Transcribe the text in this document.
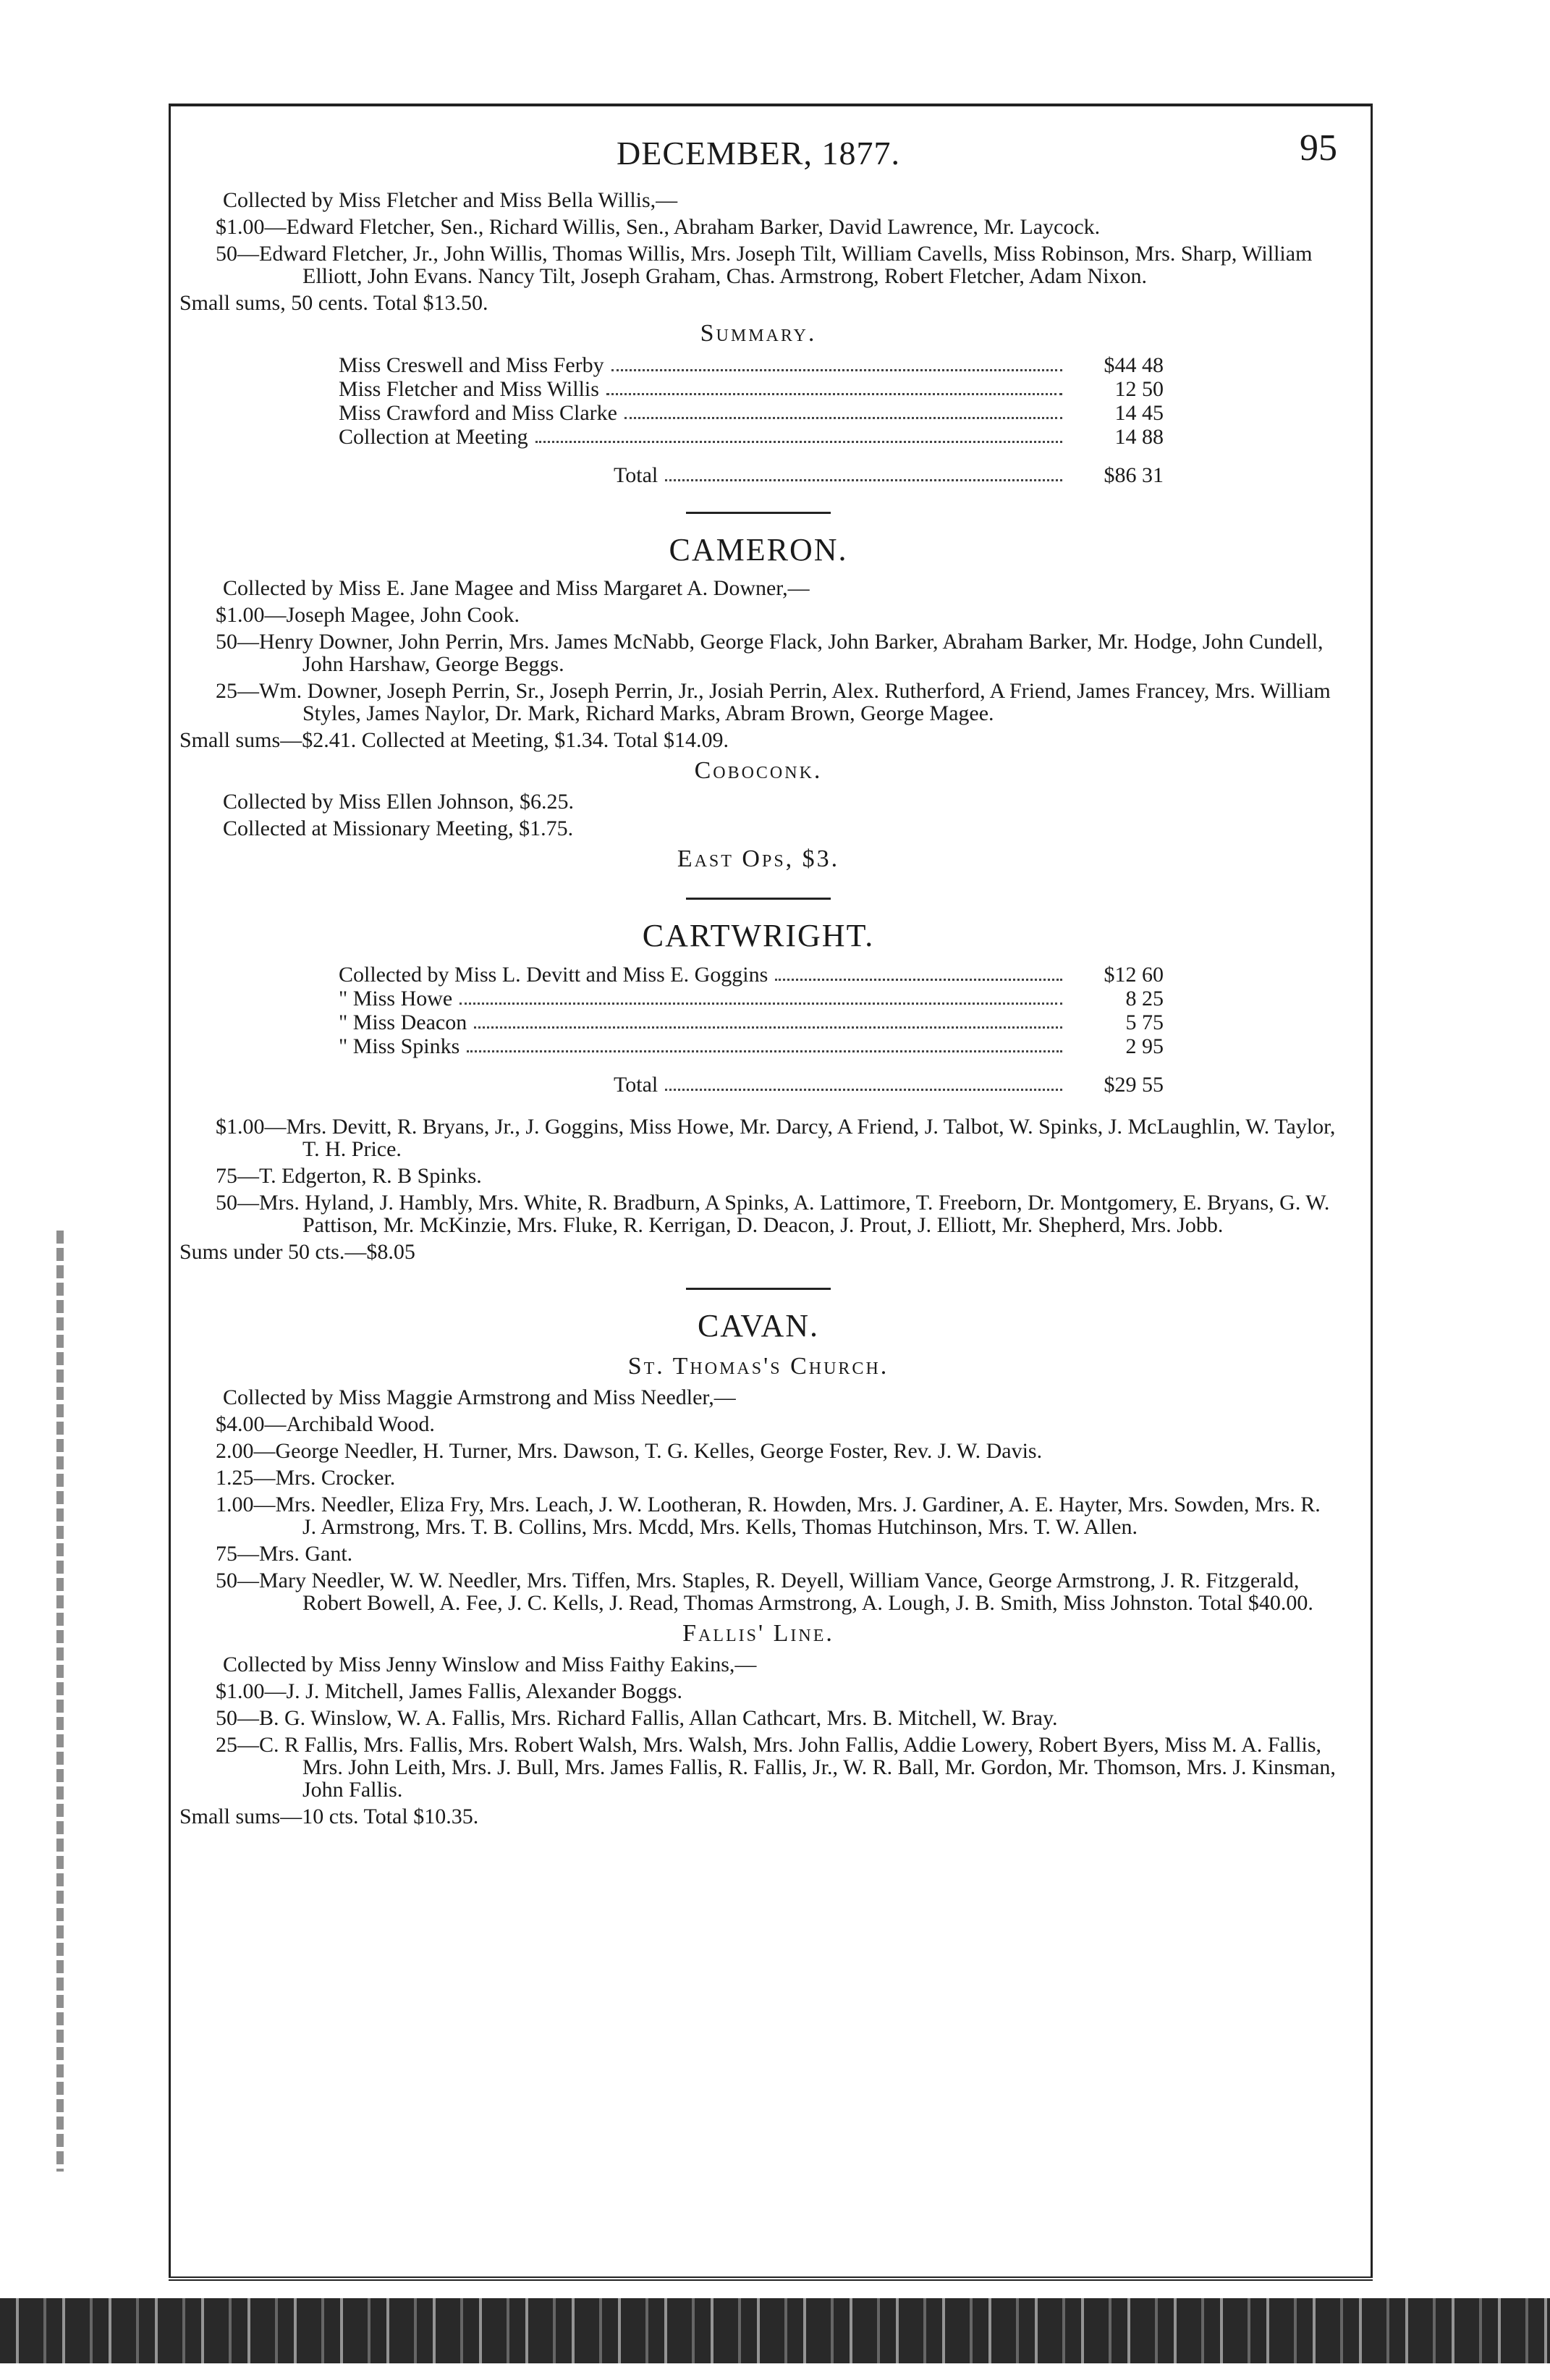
DECEMBER, 1877.	95
Collected by Miss Fletcher and Miss Bella Willis,—
$1.00—Edward Fletcher, Sen., Richard Willis, Sen., Abraham Barker, David Lawrence, Mr. Laycock.
50—Edward Fletcher, Jr., John Willis, Thomas Willis, Mrs. Joseph Tilt, William Cavells, Miss Robinson, Mrs. Sharp, William Elliott, John Evans. Nancy Tilt, Joseph Graham, Chas. Armstrong, Robert Fletcher, Adam Nixon.
Small sums, 50 cents. Total $13.50.
Summary.
Miss Creswell and Miss Ferby	$44 48
Miss Fletcher and Miss Willis	12 50
Miss Crawford and Miss Clarke	14 45
Collection at Meeting	14 88
Total	$86 31
CAMERON.
Collected by Miss E. Jane Magee and Miss Margaret A. Downer,—
$1.00—Joseph Magee, John Cook.
50—Henry Downer, John Perrin, Mrs. James McNabb, George Flack, John Barker, Abraham Barker, Mr. Hodge, John Cundell, John Harshaw, George Beggs.
25—Wm. Downer, Joseph Perrin, Sr., Joseph Perrin, Jr., Josiah Perrin, Alex. Rutherford, A Friend, James Francey, Mrs. William Styles, James Naylor, Dr. Mark, Richard Marks, Abram Brown, George Magee.
Small sums—$2.41. Collected at Meeting, $1.34. Total $14.09.
Coboconk.
Collected by Miss Ellen Johnson, $6.25.
Collected at Missionary Meeting, $1.75.
East Ops, $3.
CARTWRIGHT.
Collected by Miss L. Devitt and Miss E. Goggins	$12 60
" Miss Howe	8 25
" Miss Deacon	5 75
" Miss Spinks	2 95
Total	$29 55
$1.00—Mrs. Devitt, R. Bryans, Jr., J. Goggins, Miss Howe, Mr. Darcy, A Friend, J. Talbot, W. Spinks, J. McLaughlin, W. Taylor, T. H. Price.
75—T. Edgerton, R. B Spinks.
50—Mrs. Hyland, J. Hambly, Mrs. White, R. Bradburn, A Spinks, A. Lattimore, T. Freeborn, Dr. Montgomery, E. Bryans, G. W. Pattison, Mr. McKinzie, Mrs. Fluke, R. Kerrigan, D. Deacon, J. Prout, J. Elliott, Mr. Shepherd, Mrs. Jobb.
Sums under 50 cts.—$8.05
CAVAN.
St. Thomas's Church.
Collected by Miss Maggie Armstrong and Miss Needler,—
$4.00—Archibald Wood.
2.00—George Needler, H. Turner, Mrs. Dawson, T. G. Kelles, George Foster, Rev. J. W. Davis.
1.25—Mrs. Crocker.
1.00—Mrs. Needler, Eliza Fry, Mrs. Leach, J. W. Lootheran, R. Howden, Mrs. J. Gardiner, A. E. Hayter, Mrs. Sowden, Mrs. R. J. Armstrong, Mrs. T. B. Collins, Mrs. Mcdd, Mrs. Kells, Thomas Hutchinson, Mrs. T. W. Allen.
75—Mrs. Gant.
50—Mary Needler, W. W. Needler, Mrs. Tiffen, Mrs. Staples, R. Deyell, William Vance, George Armstrong, J. R. Fitzgerald, Robert Bowell, A. Fee, J. C. Kells, J. Read, Thomas Armstrong, A. Lough, J. B. Smith, Miss Johnston. Total $40.00.
Fallis' Line.
Collected by Miss Jenny Winslow and Miss Faithy Eakins,—
$1.00—J. J. Mitchell, James Fallis, Alexander Boggs.
50—B. G. Winslow, W. A. Fallis, Mrs. Richard Fallis, Allan Cathcart, Mrs. B. Mitchell, W. Bray.
25—C. R Fallis, Mrs. Fallis, Mrs. Robert Walsh, Mrs. Walsh, Mrs. John Fallis, Addie Lowery, Robert Byers, Miss M. A. Fallis, Mrs. John Leith, Mrs. J. Bull, Mrs. James Fallis, R. Fallis, Jr., W. R. Ball, Mr. Gordon, Mr. Thomson, Mrs. J. Kinsman, John Fallis.
Small sums—10 cts. Total $10.35.
